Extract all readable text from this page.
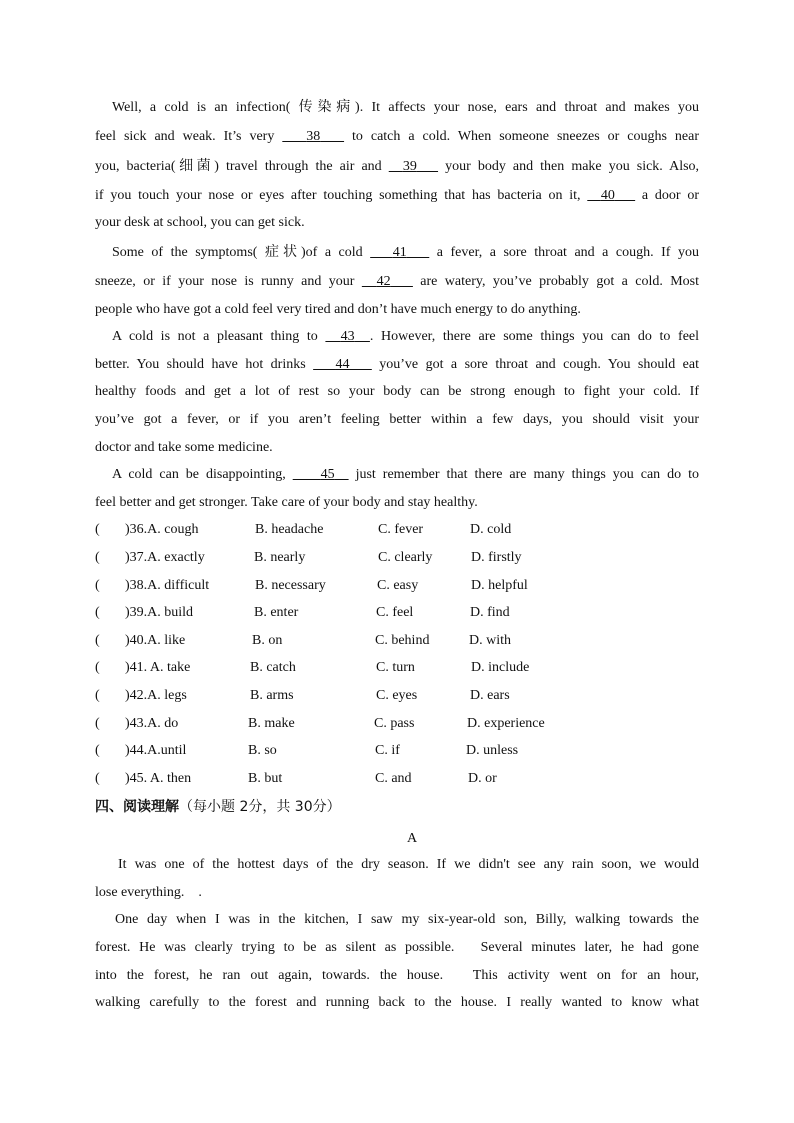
Well, a cold is an infection( 传染病). It affects your nose, ears and throat and makes you
feel sick and weak. It’s very    38    to catch a cold. When someone sneezes or coughs near
you, bacteria(细菌) travel through the air and   39    your body and then make you sick. Also,
if you touch your nose or eyes after touching something that has bacteria on it,   40    a door or
your desk at school, you can get sick.
Some of the symptoms( 症状)of a cold    41    a fever, a sore throat and a cough. If you
sneeze, or if your nose is runny and your   42    are watery, you’ve probably got a cold. Most
people who have got a cold feel very tired and don’t have much energy to do anything.
A cold is not a pleasant thing to   43 . However, there are some things you can do to feel
better. You should have hot drinks    44    you’ve got a sore throat and cough. You should eat
healthy foods and get a lot of rest so your body can be strong enough to fight your cold. If
you’ve got a fever, or if you aren’t feeling better within a few days, you should visit your
doctor and take some medicine.
A cold can be disappointing,     45   just remember that there are many things you can do to
feel better and get stronger. Take care of your body and stay healthy.
( )36.A. cough	B. headache	C. fever	D. cold
( )37.A. exactly	B. nearly	C. clearly	D. firstly
( )38.A. difficult	B. necessary	C. easy	D. helpful
( )39.A. build	B. enter	C. feel	D. find
( )40.A. like	B. on	C. behind	D. with
( )41. A. take	B. catch	C. turn	D. include
( )42.A. legs	B. arms	C. eyes	D. ears
( )43.A. do	B. make	C. pass	D. experience
( )44.A.until	B. so	C. if	D. unless
( )45. A. then	B. but	C. and	D. or
四、阅读理解（每小题 2分，共 30分）
A
It was one of the hottest days of the dry season. If we didn't see any rain soon, we would
lose everything.    .
One day when I was in the kitchen, I saw my six-year-old son, Billy, walking towards the
forest. He was clearly trying to be as silent as possible.   Several minutes later, he had gone
into the forest, he ran out again, towards. the house.   This activity went on for an hour,
walking carefully to the forest and running back to the house. I really wanted to know what
